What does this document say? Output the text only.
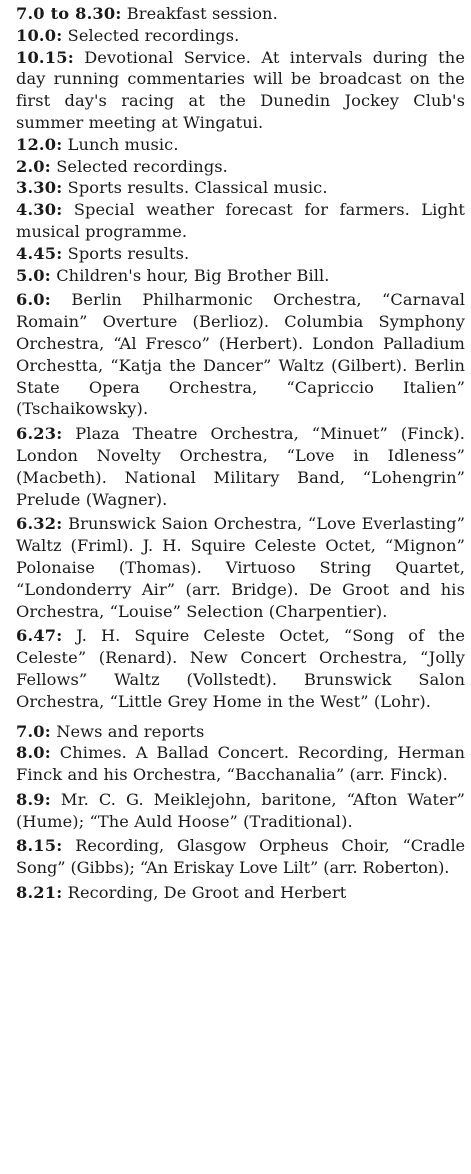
7.0 to 8.30: Breakfast session.

10.0: Selected recordings.

10.15: Devotional Service. At intervals during the day running commentaries will be broadcast on the first day's racing at the Dunedin Jockey Club's summer meeting at Wingatui.

12.0: Lunch music.

2.0: Selected recordings.

3.30: Sports results. Classical music.

4.30: Special weather forecast for farmers. Light musical programme.

4.45: Sports results.

5.0: Children's hour, Big Brother Bill.

6.0: Berlin Philharmonic Orchestra, “Carnaval Romain” Overture (Berlioz). Columbia Symphony Orchestra, “Al Fresco” (Herbert). London Palladium Orchestta, “Katja the Dancer” Waltz (Gilbert). Berlin State Opera Orchestra, “Capriccio Italien” (Tschaikowsky).

6.23: Plaza Theatre Orchestra, “Minuet” (Finck). London Novelty Orchestra, “Love in Idleness” (Macbeth). National Military Band, “Lohengrin” Prelude (Wagner).

6.32: Brunswick Saion Orchestra, “Love Everlasting” Waltz (Friml). J. H. Squire Celeste Octet, “Mignon” Polonaise (Thomas). Virtuoso String Quartet, “Londonderry Air” (arr. Bridge). De Groot and his Orchestra, “Louise” Selection (Charpentier).

6.47: J. H. Squire Celeste Octet, “Song of the Celeste” (Renard). New Concert Orchestra, “Jolly Fellows” Waltz (Vollstedt). Brunswick Salon Orchestra, “Little Grey Home in the West” (Lohr).

7.0: News and reports

8.0: Chimes. A Ballad Concert. Recording, Herman Finck and his Orchestra, “Bacchanalia” (arr. Finck).

8.9: Mr. C. G. Meiklejohn, baritone, “Afton Water” (Hume); “The Auld Hoose” (Traditional).

8.15: Recording, Glasgow Orpheus Choir, “Cradle Song” (Gibbs); “An Eriskay Love Lilt” (arr. Roberton).

8.21: Recording, De Groot and Herbert
